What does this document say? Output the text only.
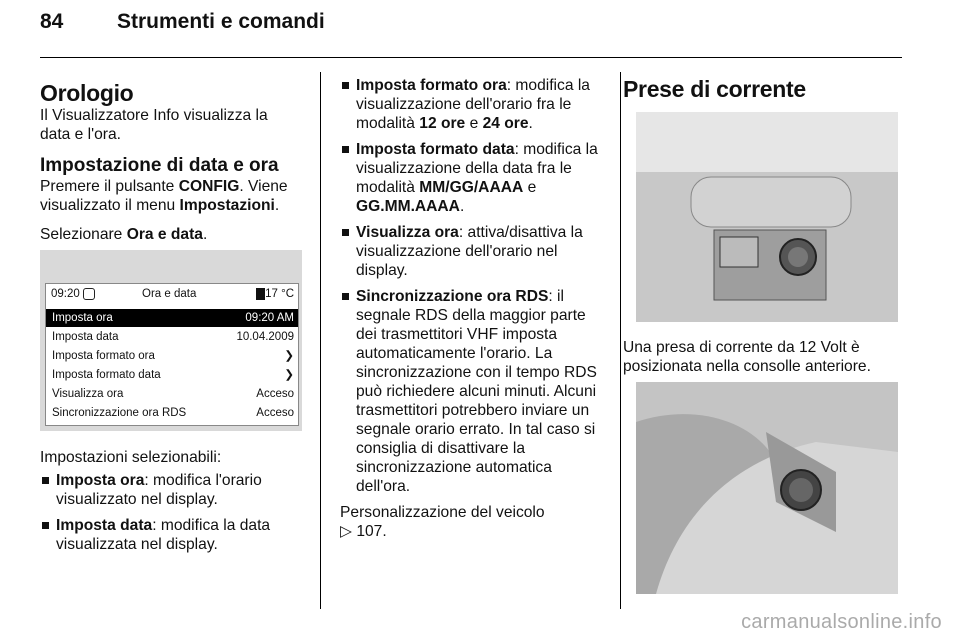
84	Strumenti e comandi
Orologio

Il Visualizzatore Info visualizza la data e l'ora.

Impostazione di data e ora

Premere il pulsante CONFIG. Viene visualizzato il menu Impostazioni.

Selezionare Ora e data.

09:20	Ora e data	17 °C
Imposta ora	09:20 AM
Imposta data	10.04.2009
Imposta formato ora	❯
Imposta formato data	❯
Visualizza ora	Acceso
Sincronizzazione ora RDS	Acceso

Impostazioni selezionabili:

Imposta ora: modifica l'orario visualizzato nel display.

Imposta data: modifica la data visualizzata nel display.

Imposta formato ora: modifica la visualizzazione dell'orario fra le modalità 12 ore e 24 ore.

Imposta formato data: modifica la visualizzazione della data fra le modalità MM/GG/AAAA e GG.MM.AAAA.

Visualizza ora: attiva/disattiva la visualizzazione dell'orario nel display.

Sincronizzazione ora RDS: il segnale RDS della maggior parte dei trasmettitori VHF imposta automaticamente l'orario. La sincronizzazione con il tempo RDS può richiedere alcuni minuti. Alcuni trasmettitori potrebbero inviare un segnale orario errato. In tal caso si consiglia di disattivare la sincronizzazione automatica dell'ora.

Personalizzazione del veicolo

▷ 107.

Prese di corrente

Una presa di corrente da 12 Volt è posizionata nella consolle anteriore.

carmanualsonline.info
